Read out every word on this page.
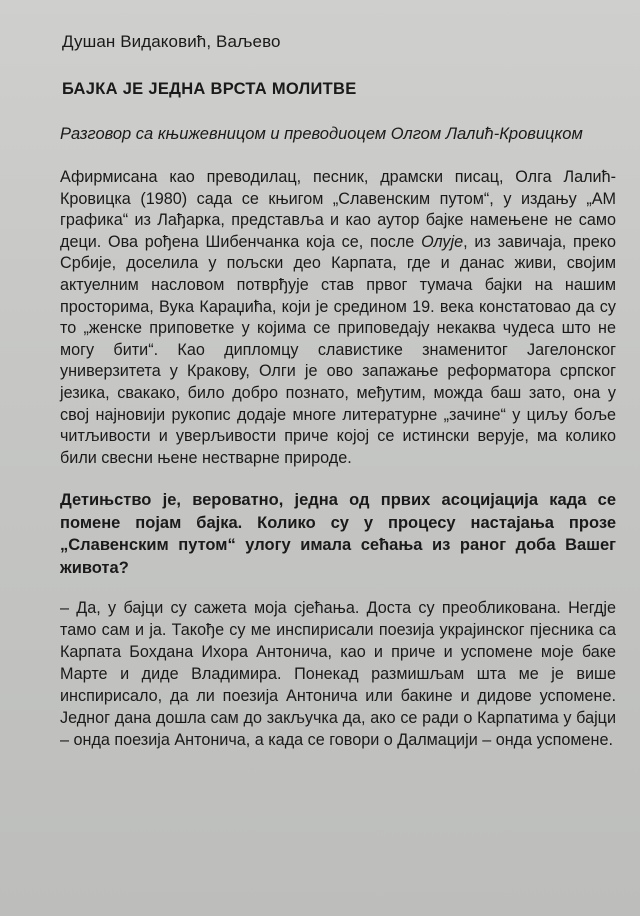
Душан Видаковић, Ваљево
БАЈКА ЈЕ ЈЕДНА ВРСТА МОЛИТВЕ
Разговор са књижевницом и преводиоцем Олгом Лалић-Кровицком

Афирмисана као преводилац, песник, драмски писац, Олга Лалић-Кровицка (1980) сада се књигом „Славенским путом“, у издању „АМ графика“ из Лађарка, представља и као аутор бајке намењене не само деци. Ова рођена Шибенчанка која се, после Олује, из завичаја, преко Србије, доселила у пољски део Карпата, где и данас живи, својим актуелним насловом потврђује став првог тумача бајки на нашим просторима, Вука Караџића, који је средином 19. века констатовао да су то „женске приповетке у којима се приповедају некаква чудеса што не могу бити“. Као дипломцу славистике знаменитог Јагелонског универзитета у Кракову, Олги је ово запажање реформатора српског језика, свакако, било добро познато, међутим, можда баш зато, она у свој најновији рукопис додаје многе литературне „зачине“ у циљу боље читљивости и уверљивости приче којој се истински верује, ма колико били свесни њене нестварне природе.

Детињство је, вероватно, једна од првих асоцијација када се помене појам бајка. Колико су у процесу настајања прозе „Славенским путом“ улогу имала сећања из раног доба Вашег живота?

– Да, у бајци су сажета моја сјећања. Доста су преобликована. Негдје тамо сам и ја. Такође су ме инспирисали поезија украјинског пјесника са Карпата Бохдана Ихора Антонича, као и приче и успомене моје баке Марте и диде Владимира. Понекад размишљам шта ме је више инспирисало, да ли поезија Антонича или бакине и дидове успомене. Једног дана дошла сам до закључка да, ако се ради о Карпатима у бајци – онда поезија Антонича, а када се говори о Далмацији – онда успомене.
